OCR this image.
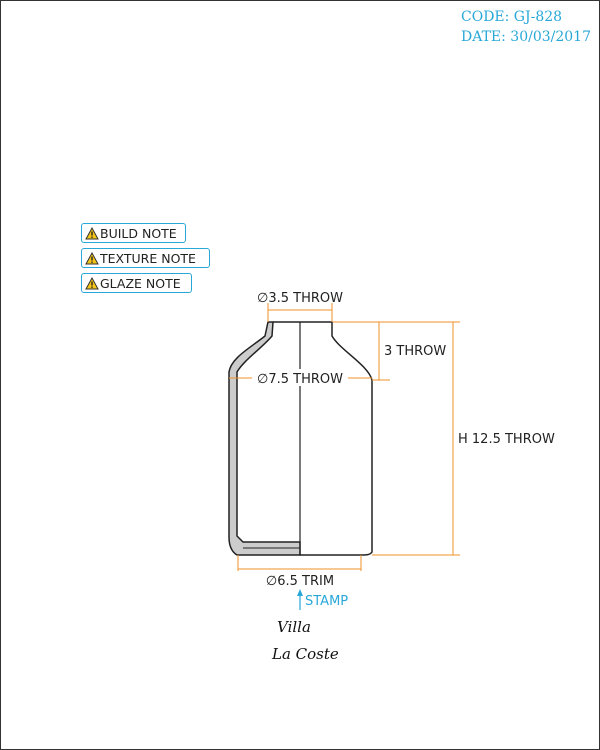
CODE: GJ-828
DATE: 30/03/2017
BUILD NOTE
TEXTURE NOTE
GLAZE NOTE
∅3.5 THROW
3 THROW
∅7.5 THROW
H 12.5 THROW
∅6.5 TRIM
STAMP
Villa
La Coste
